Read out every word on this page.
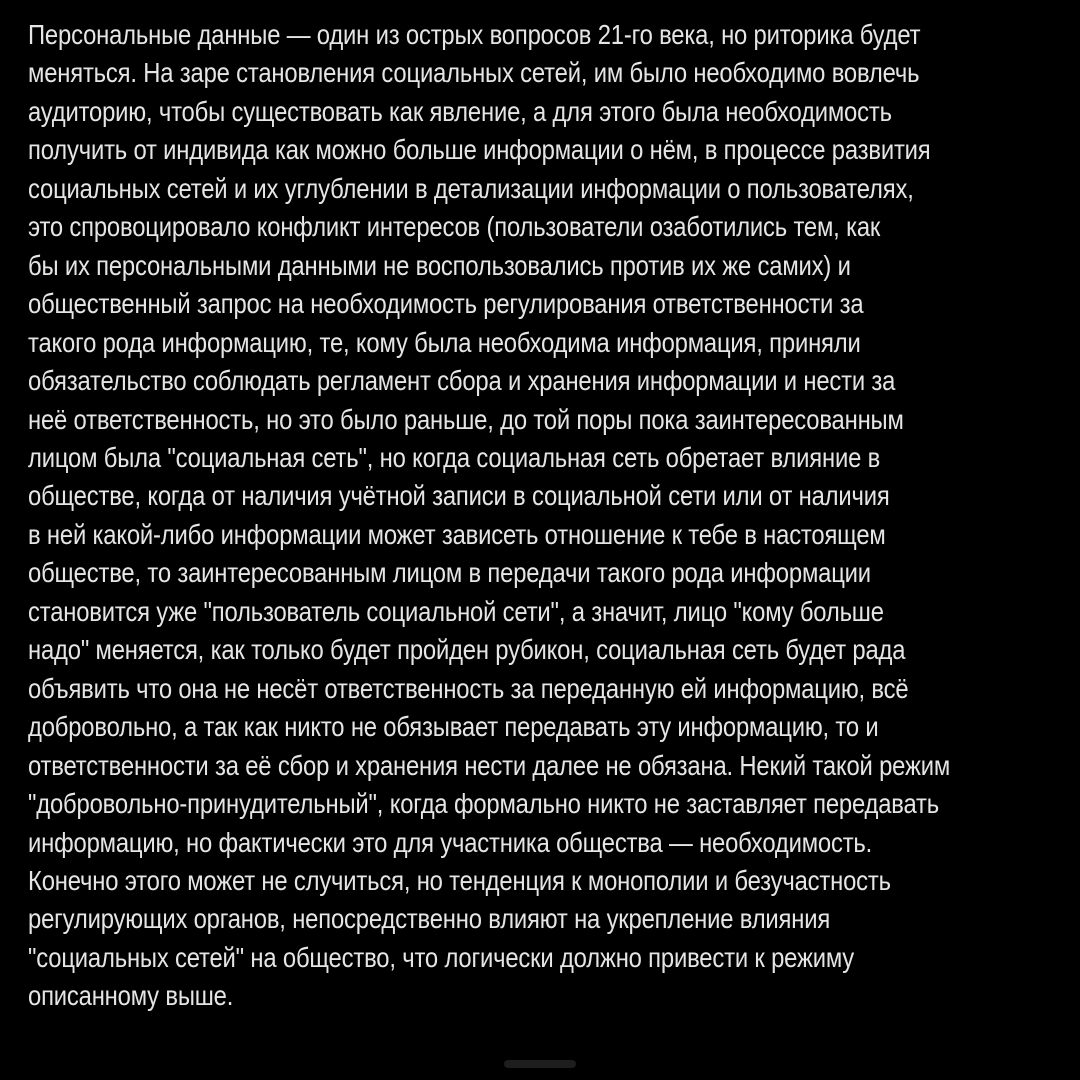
Персональные данные — один из острых вопросов 21-го века, но риторика будет
меняться. На заре становления социальных сетей, им было необходимо вовлечь
аудиторию, чтобы существовать как явление, а для этого была необходимость
получить от индивида как можно больше информации о нём, в процессе развития
социальных сетей и их углублении в детализации информации о пользователях,
это спровоцировало конфликт интересов (пользователи озаботились тем, как
бы их персональными данными не воспользовались против их же самих) и
общественный запрос на необходимость регулирования ответственности за
такого рода информацию, те, кому была необходима информация, приняли
обязательство соблюдать регламент сбора и хранения информации и нести за
неё ответственность, но это было раньше, до той поры пока заинтересованным
лицом была "социальная сеть", но когда социальная сеть обретает влияние в
обществе, когда от наличия учётной записи в социальной сети или от наличия
в ней какой-либо информации может зависеть отношение к тебе в настоящем
обществе, то заинтересованным лицом в передачи такого рода информации
становится уже "пользователь социальной сети", а значит, лицо "кому больше
надо" меняется, как только будет пройден рубикон, социальная сеть будет рада
объявить что она не несёт ответственность за переданную ей информацию, всё
добровольно, а так как никто не обязывает передавать эту информацию, то и
ответственности за её сбор и хранения нести далее не обязана. Некий такой режим
"добровольно-принудительный", когда формально никто не заставляет передавать
информацию, но фактически это для участника общества — необходимость.
Конечно этого может не случиться, но тенденция к монополии и безучастность
регулирующих органов, непосредственно влияют на укрепление влияния
"социальных сетей" на общество, что логически должно привести к режиму
описанному выше.
